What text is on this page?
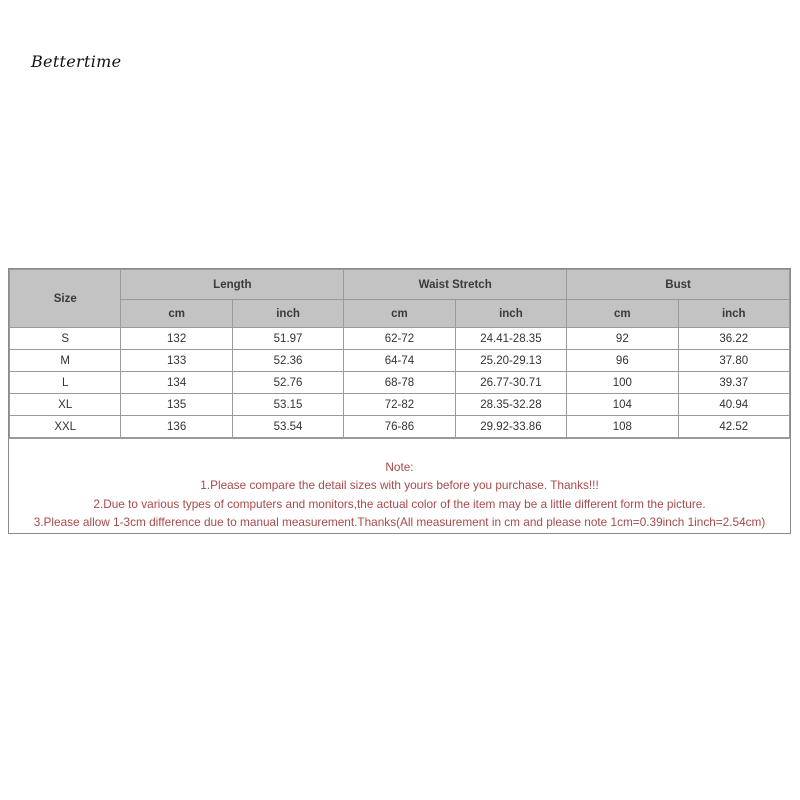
Bettertime
Size	Length		Waist Stretch		Bust	
	cm	inch	cm	inch	cm	inch
S	132	51.97	62-72	24.41-28.35	92	36.22
M	133	52.36	64-74	25.20-29.13	96	37.80
L	134	52.76	68-78	26.77-30.71	100	39.37
XL	135	53.15	72-82	28.35-32.28	104	40.94
XXL	136	53.54	76-86	29.92-33.86	108	42.52
Note:
1.Please compare the detail sizes with yours before you purchase. Thanks!!!
2.Due to various types of computers and monitors,the actual color of the item may be a little different form the picture.
3.Please allow 1-3cm difference due to manual measurement.Thanks(All measurement in cm and please note 1cm=0.39inch 1inch=2.54cm)
